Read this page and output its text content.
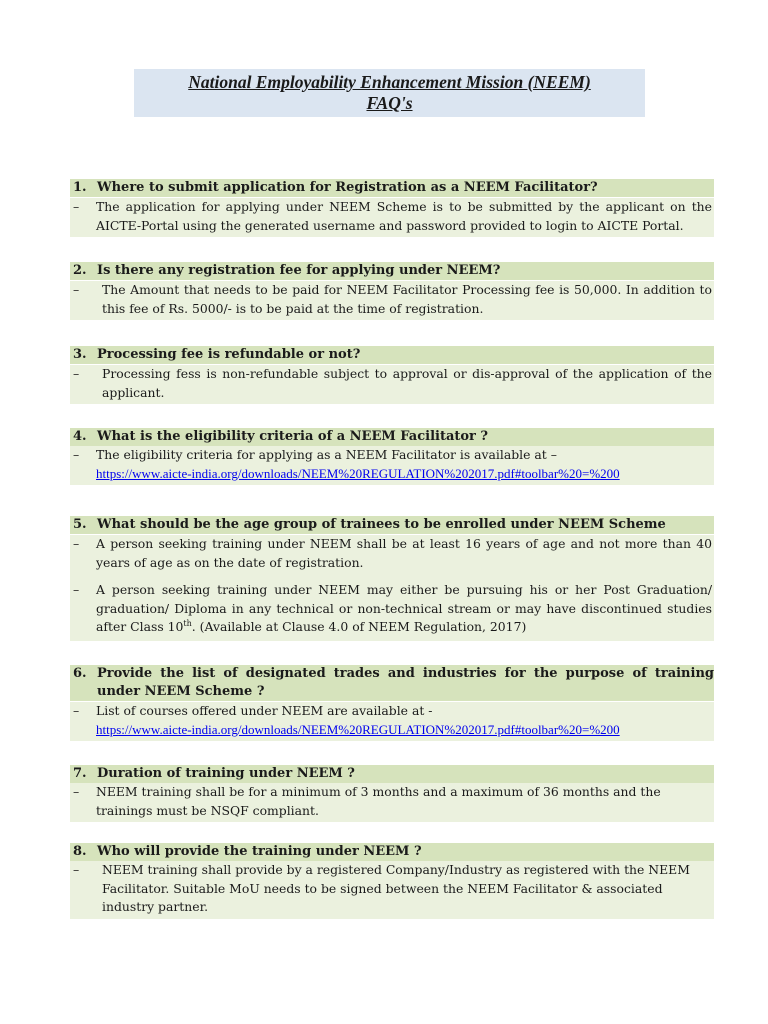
National Employability Enhancement Mission (NEEM)
FAQ's
1. Where to submit application for Registration as a NEEM Facilitator?
–	The application for applying under NEEM Scheme is to be submitted by the applicant on the AICTE-Portal using the generated username and password provided to login to AICTE Portal.
2. Is there any registration fee for applying under NEEM?
–	The Amount that needs to be paid for NEEM Facilitator Processing fee is 50,000. In addition to this fee of Rs. 5000/- is to be paid at the time of registration.
3. Processing fee is refundable or not?
–	Processing fess is non-refundable subject to approval or dis-approval of the application of the applicant.
4. What is the eligibility criteria of a NEEM Facilitator ?
–	The eligibility criteria for applying as a NEEM Facilitator is available at –
https://www.aicte-india.org/downloads/NEEM%20REGULATION%202017.pdf#toolbar%20=%200
5. What should be the age group of trainees to be enrolled under NEEM Scheme
–	A person seeking training under NEEM shall be at least 16 years of age and not more than 40 years of age as on the date of registration.
–	A person seeking training under NEEM may either be pursuing his or her Post Graduation/ graduation/ Diploma in any technical or non-technical stream or may have discontinued studies after Class 10th. (Available at Clause 4.0 of NEEM Regulation, 2017)
6. Provide the list of designated trades and industries for the purpose of training under NEEM Scheme ?
–	List of courses offered under NEEM are available at -
https://www.aicte-india.org/downloads/NEEM%20REGULATION%202017.pdf#toolbar%20=%200
7. Duration of training under NEEM ?
–	NEEM training shall be for a minimum of 3 months and a maximum of 36 months and the trainings must be NSQF compliant.
8. Who will provide the training under NEEM ?
–	NEEM training shall provide by a registered Company/Industry as registered with the NEEM Facilitator. Suitable MoU needs to be signed between the NEEM Facilitator & associated industry partner.
